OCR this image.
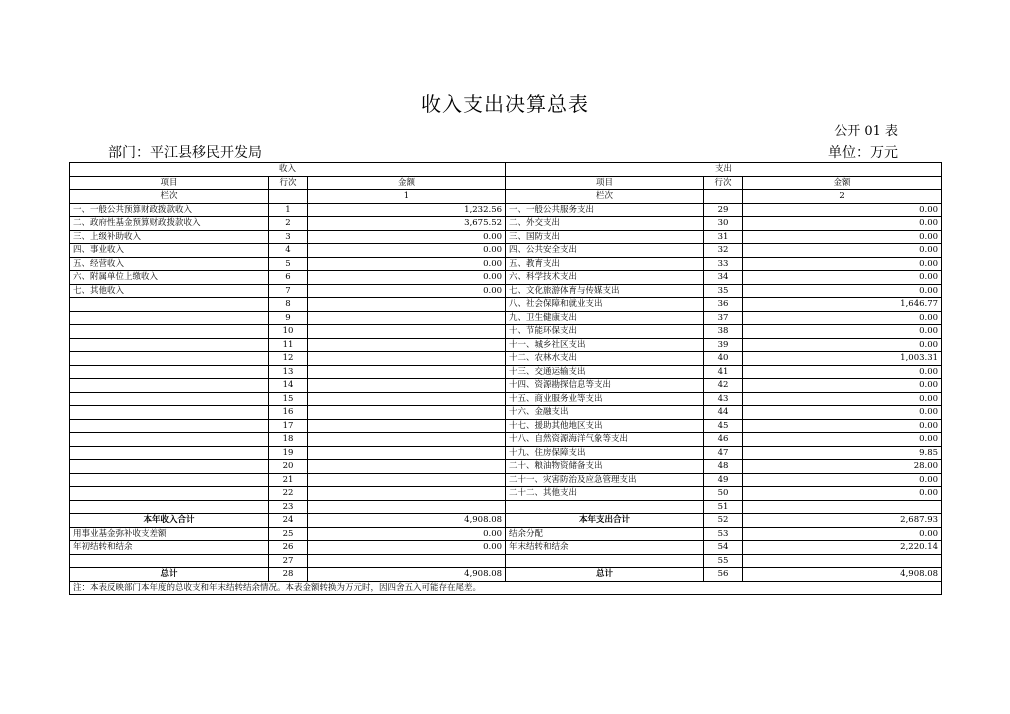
收入支出决算总表
公开 01 表
部门：平江县移民开发局	单位：万元
收入			支出		
项目	行次	金额	项目	行次	金额
栏次		1	栏次		2
一、一般公共预算财政拨款收入	1	1,232.56	一、一般公共服务支出	29	0.00
二、政府性基金预算财政拨款收入	2	3,675.52	二、外交支出	30	0.00
三、上级补助收入	3	0.00	三、国防支出	31	0.00
四、事业收入	4	0.00	四、公共安全支出	32	0.00
五、经营收入	5	0.00	五、教育支出	33	0.00
六、附属单位上缴收入	6	0.00	六、科学技术支出	34	0.00
七、其他收入	7	0.00	七、文化旅游体育与传媒支出	35	0.00
	8		八、社会保障和就业支出	36	1,646.77
	9		九、卫生健康支出	37	0.00
	10		十、节能环保支出	38	0.00
	11		十一、城乡社区支出	39	0.00
	12		十二、农林水支出	40	1,003.31
	13		十三、交通运输支出	41	0.00
	14		十四、资源勘探信息等支出	42	0.00
	15		十五、商业服务业等支出	43	0.00
	16		十六、金融支出	44	0.00
	17		十七、援助其他地区支出	45	0.00
	18		十八、自然资源海洋气象等支出	46	0.00
	19		十九、住房保障支出	47	9.85
	20		二十、粮油物资储备支出	48	28.00
	21		二十一、灾害防治及应急管理支出	49	0.00
	22		二十二、其他支出	50	0.00
	23			51	
本年收入合计	24	4,908.08	本年支出合计	52	2,687.93
用事业基金弥补收支差额	25	0.00	结余分配	53	0.00
年初结转和结余	26	0.00	年末结转和结余	54	2,220.14
	27			55	
总计	28	4,908.08	总计	56	4,908.08
注：本表反映部门本年度的总收支和年末结转结余情况。本表金额转换为万元时，因四舍五入可能存在尾差。					
